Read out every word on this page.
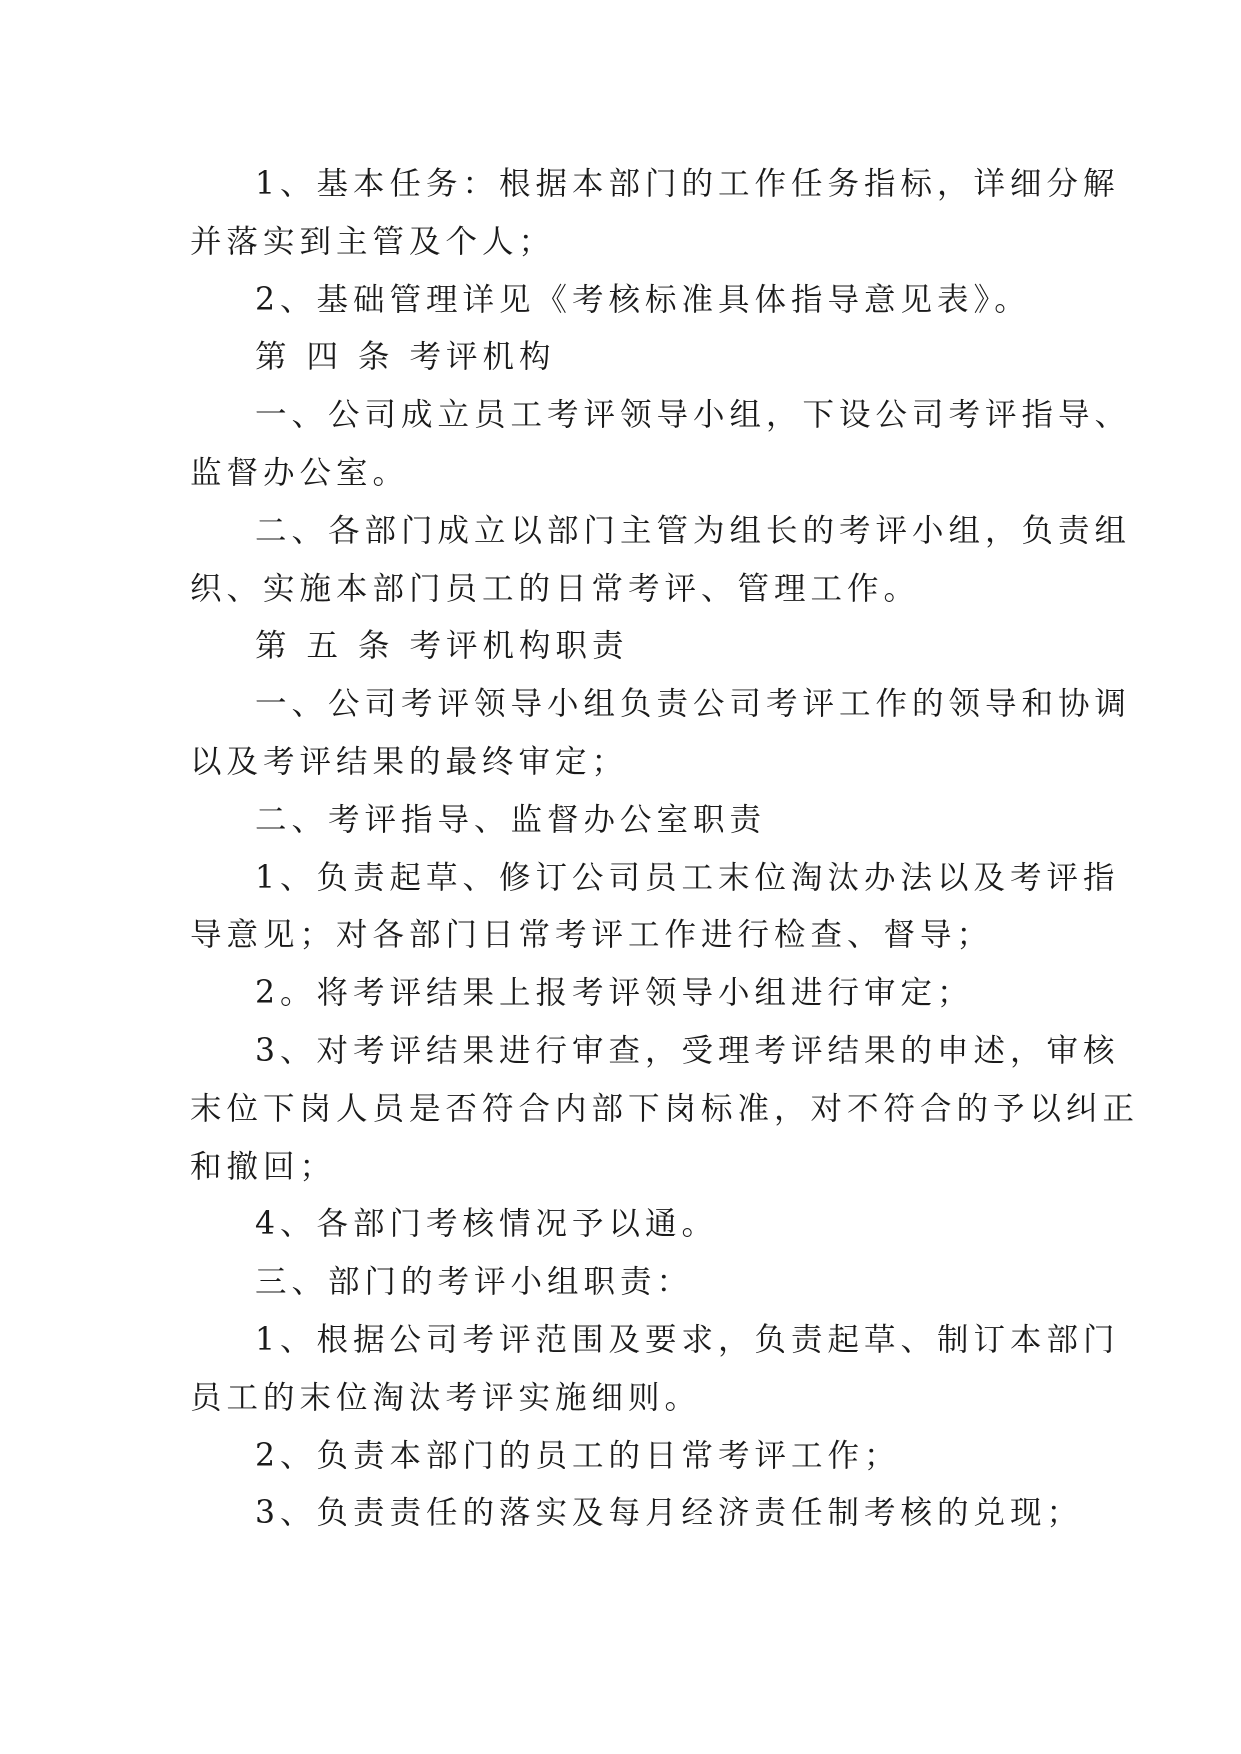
1、基本任务：根据本部门的工作任务指标，详细分解

并落实到主管及个人；

2、基础管理详见《考核标准具体指导意见表》。

第 四 条 考评机构

一、公司成立员工考评领导小组，下设公司考评指导、

监督办公室。

二、各部门成立以部门主管为组长的考评小组，负责组

织、实施本部门员工的日常考评、管理工作。

第 五 条 考评机构职责

一、公司考评领导小组负责公司考评工作的领导和协调

以及考评结果的最终审定；

二、考评指导、监督办公室职责

1、负责起草、修订公司员工末位淘汰办法以及考评指

导意见；对各部门日常考评工作进行检查、督导；

2。将考评结果上报考评领导小组进行审定；

3、对考评结果进行审查，受理考评结果的申述，审核

末位下岗人员是否符合内部下岗标准，对不符合的予以纠正

和撤回；

4、各部门考核情况予以通。

三、部门的考评小组职责：

1、根据公司考评范围及要求，负责起草、制订本部门

员工的末位淘汰考评实施细则。

2、负责本部门的员工的日常考评工作；

3、负责责任的落实及每月经济责任制考核的兑现；
